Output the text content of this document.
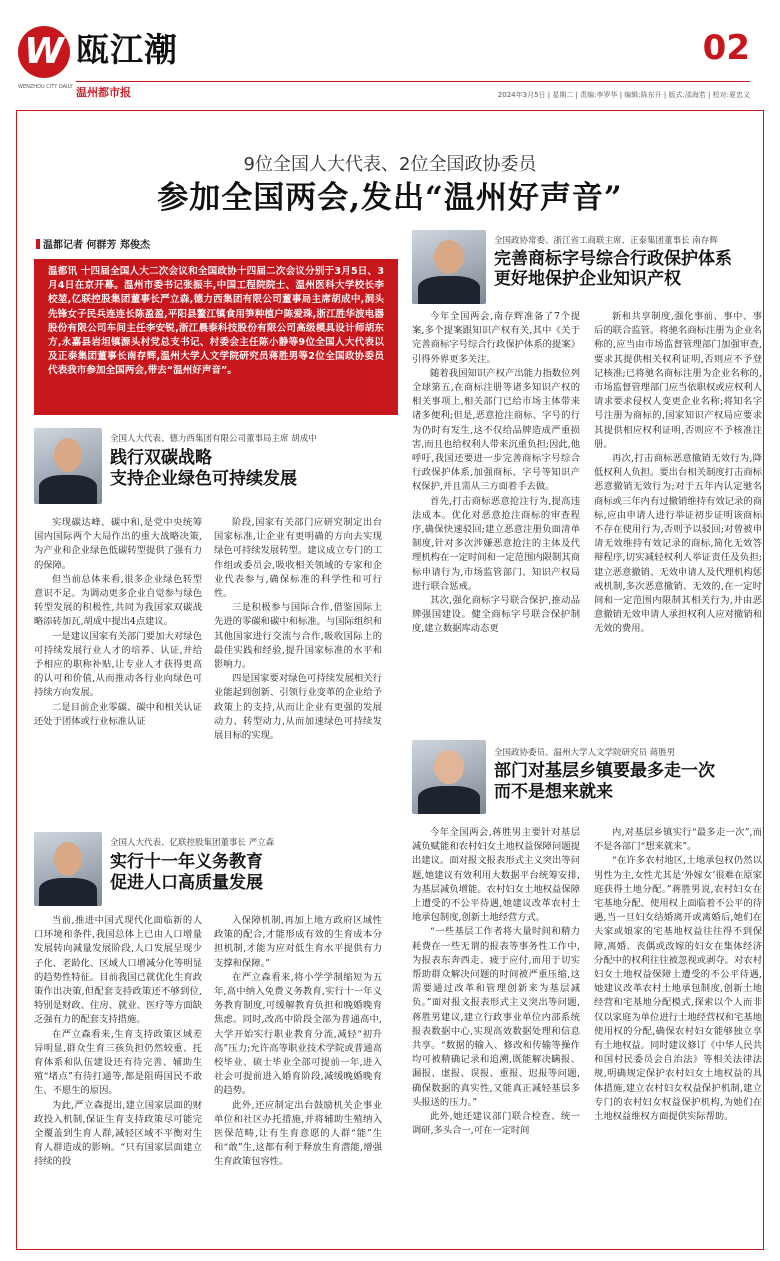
W
WENZHOU CITY DAILY
瓯江潮
温州都市报
02
2024年3月5日 | 星期二 | 责编:李罗华 | 编辑:陈东升 | 版式:邵海若 | 校对:夏忠义
9位全国人大代表、2位全国政协委员
参加全国两会,发出“温州好声音”
温都记者 何群芳 郑俊杰
温都讯 十四届全国人大二次会议和全国政协十四届二次会议分别于3月5日、3月4日在京开幕。温州市委书记张振丰,中国工程院院士、温州医科大学校长李校堃,亿联控股集团董事长严立森,德力西集团有限公司董事局主席胡成中,洞头先锋女子民兵连连长陈盈盈,平阳县鳌江镇食用笋种植户陈爱珠,浙江胜华波电器股份有限公司车间主任李安锐,浙江晨泰科技股份有限公司高级模具设计师胡东方,永嘉县岩坦镇源头村党总支书记、村委会主任陈小静等9位全国人大代表以及正泰集团董事长南存辉,温州大学人文学院研究员蒋胜男等2位全国政协委员代表我市参加全国两会,带去“温州好声音”。
全国人大代表、德力西集团有限公司董事局主席 胡成中
践行双碳战略
支持企业绿色可持续发展
实现碳达峰、碳中和,是党中央统筹国内国际两个大局作出的重大战略决策,为产业和企业绿色低碳转型提供了强有力的保障。
但当前总体来看,很多企业绿色转型意识不足。为调动更多企业自觉参与绿色转型发展的积极性,共同为我国家双碳战略添砖加瓦,胡成中提出4点建议。
一是建议国家有关部门要加大对绿色可持续发展行业人才的培养、认证,并给予相应的职称补贴,让专业人才获得更高的认可和价值,从而推动各行业向绿色可持续方向发展。
二是目前企业零碳、碳中和相关认证还处于团体或行业标准认证
阶段,国家有关部门应研究制定出台国家标准,让企业有更明确的方向去实现绿色可持续发展转型。建议成立专门的工作组或委员会,吸收相关领域的专家和企业代表参与,确保标准的科学性和可行性。
三是积极参与国际合作,借鉴国际上先进的零碳和碳中和标准。与国际组织和其他国家进行交流与合作,吸收国际上的最佳实践和经验,提升国家标准的水平和影响力。
四是国家要对绿色可持续发展相关行业能起到创新、引领行业变革的企业给予政策上的支持,从而让企业有更强的发展动力、转型动力,从而加速绿色可持续发展目标的实现。
全国人大代表、亿联控股集团董事长 严立森
实行十一年义务教育
促进人口高质量发展
当前,推进中国式现代化面临新的人口环境和条件,我国总体上已由人口增量发展转向减量发展阶段,人口发展呈现少子化、老龄化、区域人口增减分化等明显的趋势性特征。目前我国已就优化生育政策作出决策,但配套支持政策还不够到位,特别是财政、住房、就业、医疗等方面缺乏强有力的配套支持措施。
在严立森看来,生育支持政策区域差异明显,群众生育三孩负担仍然较重、托育体系和队伍建设还有待完善、辅助生殖“堵点”有待打通等,都是阻碍国民不敢生、不愿生的原因。
为此,严立森提出,建立国家层面的财政投入机制,保证生育支持政策尽可能完全覆盖到生育人群,减轻区域不平衡对生育人群造成的影响。“只有国家层面建立持续的投
入保障机制,再加上地方政府区域性政策的配合,才能形成有效的生育成本分担机制,才能为应对低生育水平提供有力支撑和保障。”
在严立森看来,将小学学制缩短为五年,高中纳入免费义务教育,实行十一年义务教育制度,可缓解教育负担和晚婚晚育焦虑。同时,改高中阶段全部为普通高中,大学开始实行职业教育分流,减轻“初升高”压力;允许高等职业技术学院或普通高校毕业、硕士毕业全部可提前一年,进入社会可提前进入婚育阶段,减缓晚婚晚育的趋势。
此外,还应制定出台鼓励机关企事业单位和社区办托措施,并将辅助生殖纳入医保范畴,让有生育意愿的人群“能”生和“敢”生,这都有利于释放生育潜能,增强生育政策包容性。
全国政协常委、浙江省工商联主席、正泰集团董事长 南存辉
完善商标字号综合行政保护体系
更好地保护企业知识产权
今年全国两会,南存辉准备了7个提案,多个提案跟知识产权有关,其中《关于完善商标字号综合行政保护体系的提案》引得外界更多关注。
随着我国知识产权产出能力指数位列全球第五,在商标注册等诸多知识产权的相关事项上,相关部门已给市场主体带来诸多便利;但是,恶意抢注商标、字号的行为仍时有发生,这不仅给品牌造成严重损害,而且也给权利人带来沉重负担;因此,他呼吁,我国还要进一步完善商标字号综合行政保护体系,加强商标、字号等知识产权保护,并且需从三方面着手去做。
首先,打击商标恶意抢注行为,提高违法成本。优化对恶意抢注商标的审查程序,确保快速驳回;建立恶意注册负面清单制度,针对多次涉嫌恶意抢注的主体及代理机构在一定时间和一定范围内限制其商标申请行为,市场监管部门、知识产权局进行联合惩戒。
其次,强化商标字号联合保护,推动品牌强国建设。健全商标字号联合保护制度,建立数据库动态更
新和共享制度,强化事前、事中、事后的联合监管。将驰名商标注册为企业名称的,应当由市场监督管理部门加强审查,要求其提供相关权利证明,否则应不予登记核准;已将驰名商标注册为企业名称的,市场监督管理部门应当依职权或应权利人请求要求侵权人变更企业名称;将知名字号注册为商标的,国家知识产权局应要求其提供相应权利证明,否则应不予核准注册。
再次,打击商标恶意撤销无效行为,降低权利人负担。要出台相关制度打击商标恶意撤销无效行为;对于五年内认定驰名商标或三年内有过撤销维持有效记录的商标,应由申请人进行举证初步证明该商标不存在使用行为,否则予以驳回;对曾被申请无效维持有效记录的商标,简化无效答辩程序,切实减轻权利人举证责任及负担;建立恶意撤销、无效申请人及代理机构惩戒机制,多次恶意撤销、无效的,在一定时间和一定范围内限制其相关行为,并由恶意撤销无效申请人承担权利人应对撤销和无效的费用。
全国政协委员、温州大学人文学院研究员 蒋胜男
部门对基层乡镇要最多走一次
而不是想来就来
今年全国两会,蒋胜男主要针对基层减负赋能和农村妇女土地权益保障问题提出建议。面对报文报表形式主义突出等问题,她建议有效利用大数据平台统筹安排,为基层减负增能。农村妇女土地权益保障上遭受的不公平待遇,她建议改革农村土地承包制度,创新土地经营方式。
“一些基层工作者将大量时间和精力耗费在一些无谓的报表等事务性工作中,为报表东奔西走、疲于应付,而用于切实帮助群众解决问题的时间被严重压缩,这需要通过改革和管理创新来为基层减负。”面对报文报表形式主义突出等问题,蒋胜男建议,建立行政事业单位内部系统报表数据中心,实现高效数据处理和信息共享。“数据的输入、修改和传输等操作均可被精确记录和追溯,既能解决瞒报、漏报、虚报、误报、重报、迟报等问题,确保数据的真实性,又能真正减轻基层多头报送的压力。”
此外,她还建议部门联合检查、统一调研,多头合一,可在一定时间
内,对基层乡镇实行“最多走一次”,而不是各部门“想来就来”。
“在许多农村地区,土地承包权仍然以男性为主,女性尤其是‘外嫁女’很难在原家庭获得土地分配。”蒋胜男说,农村妇女在宅基地分配、使用权上面临着不公平的待遇,当一旦妇女结婚离开或离婚后,她们在夫家或娘家的宅基地权益往往得不到保障,离婚、丧偶或改嫁的妇女在集体经济分配中的权利往往被忽视或剥夺。对农村妇女土地权益保障上遭受的不公平待遇,她建议改革农村土地承包制度,创新土地经营和宅基地分配模式,探索以个人而非仅以家庭为单位进行土地经营权和宅基地使用权的分配,确保农村妇女能够独立享有土地权益。同时建议修订《中华人民共和国村民委员会自治法》等相关法律法规,明确规定保护农村妇女土地权益的具体措施,建立农村妇女权益保护机制,建立专门的农村妇女权益保护机构,为她们在土地权益维权方面提供实际帮助。
